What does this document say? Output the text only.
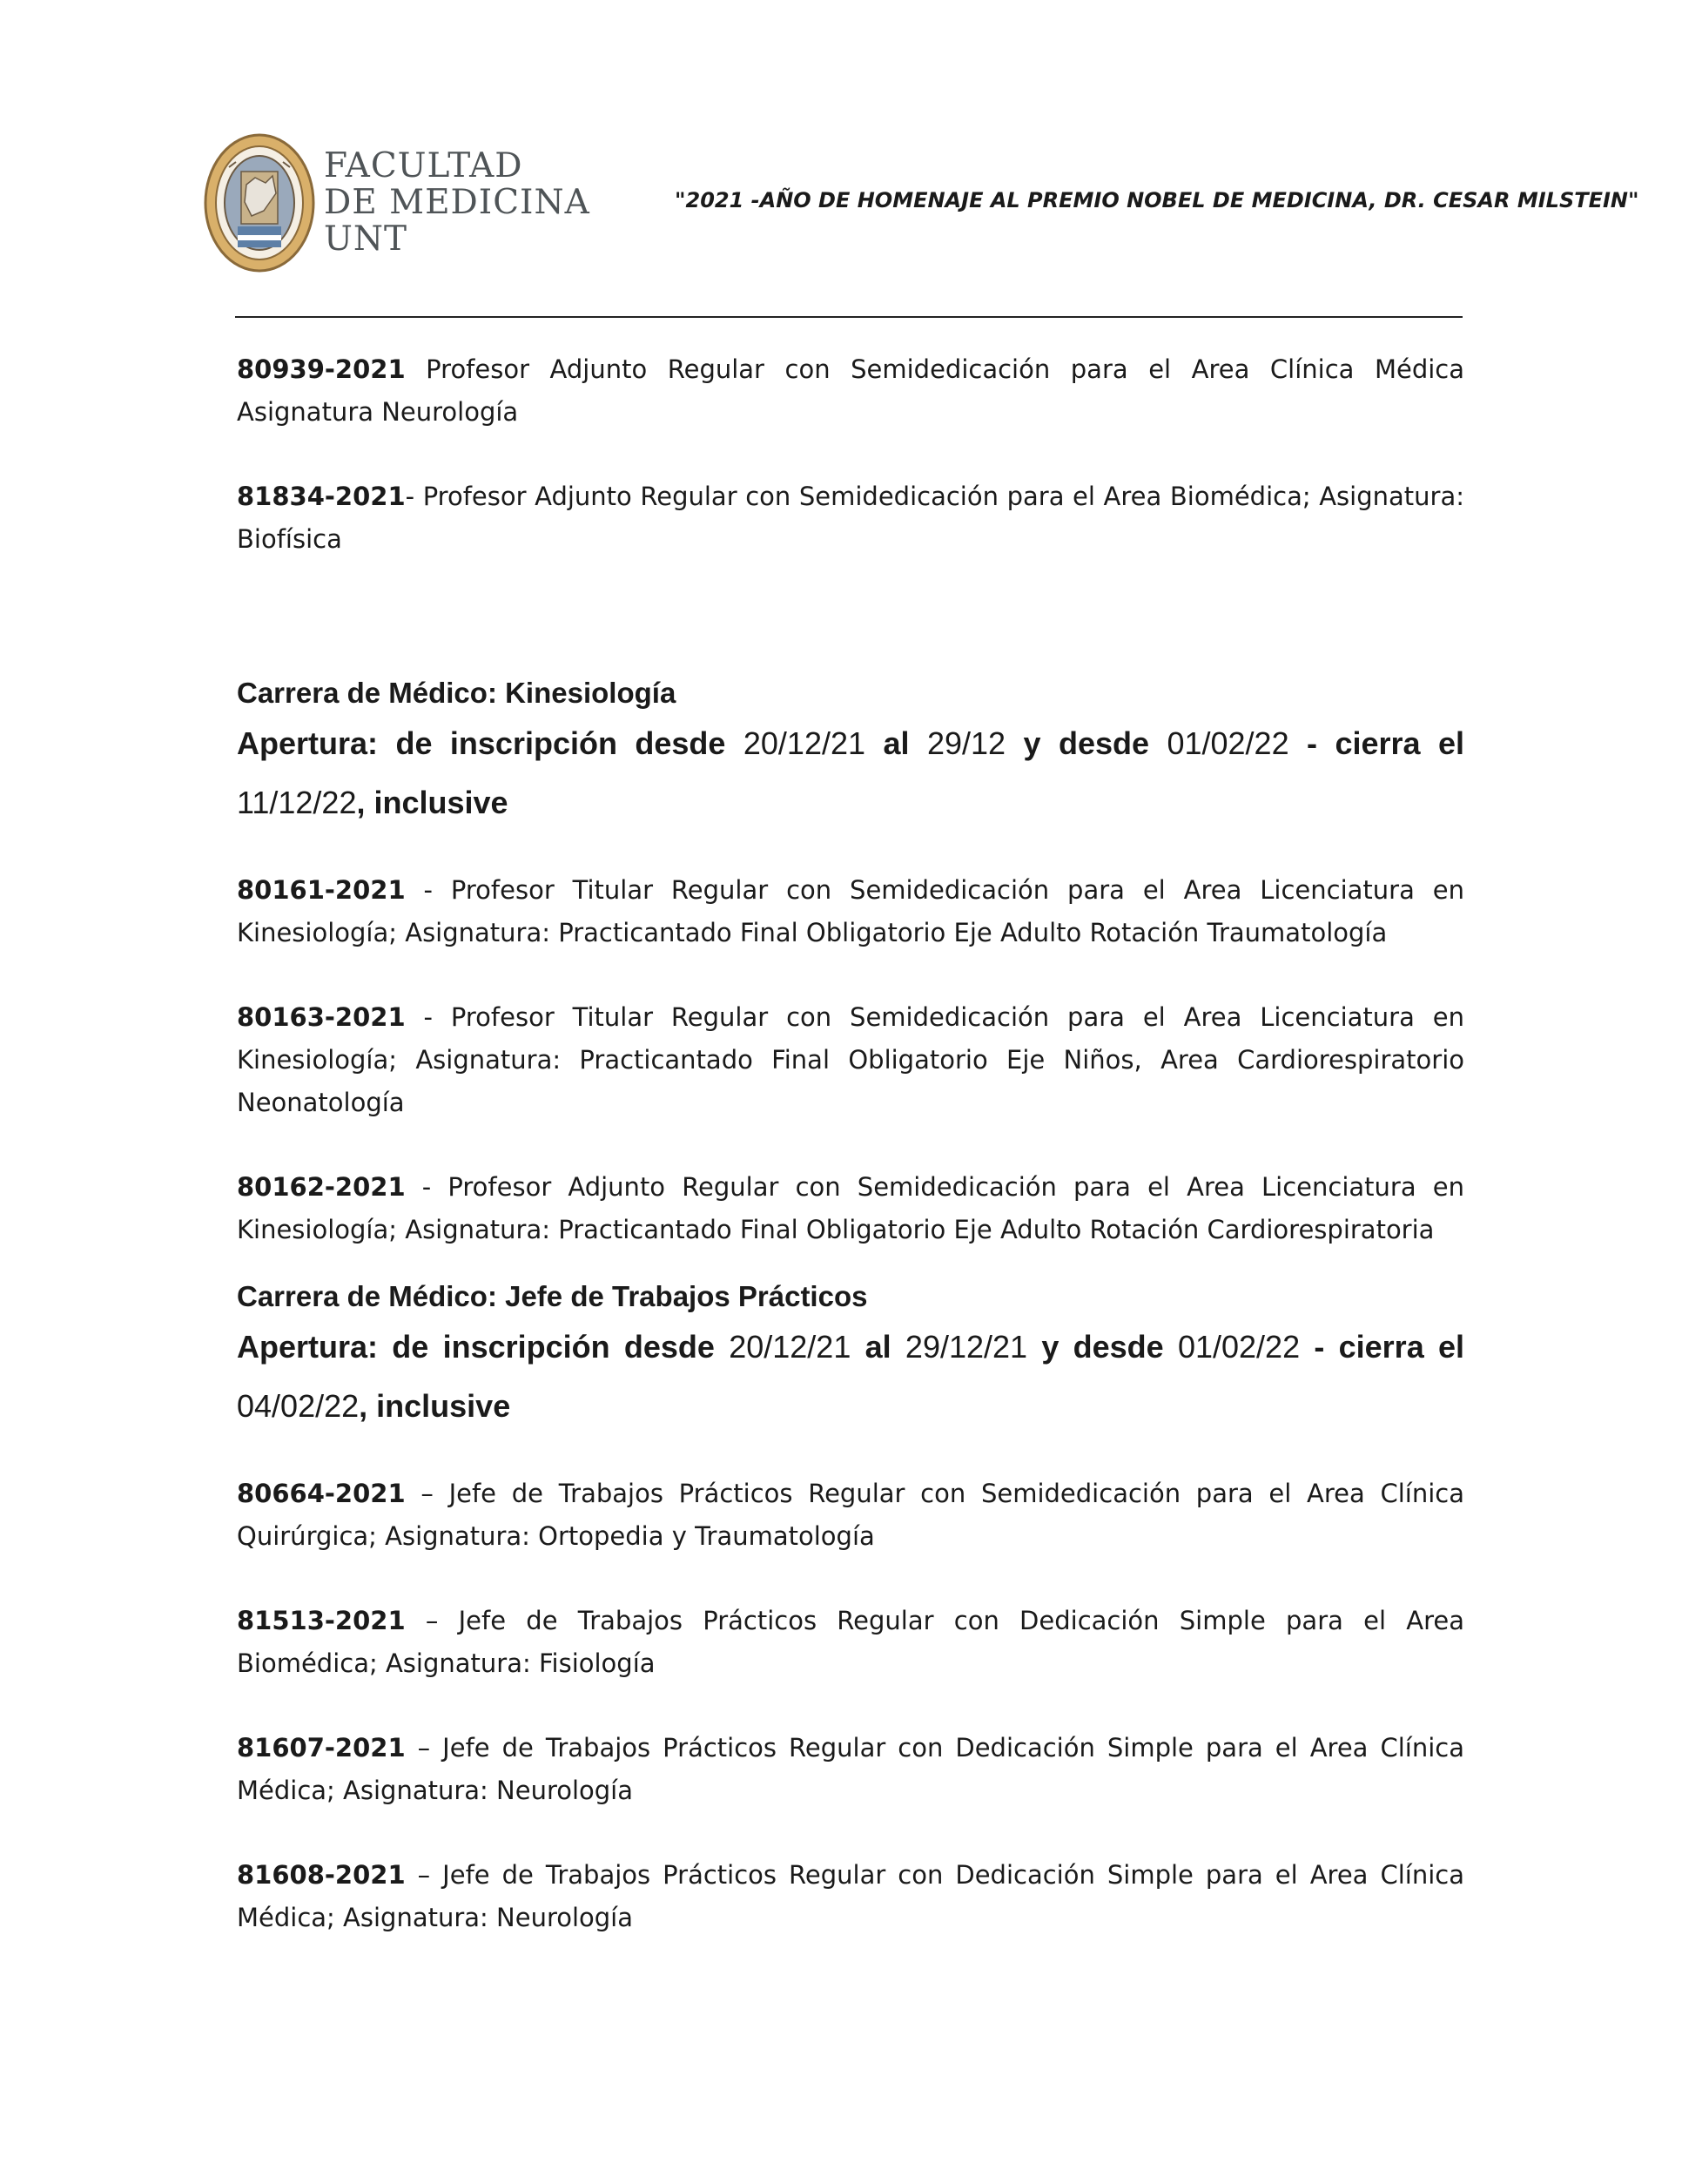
FACULTAD
DE MEDICINA
UNT
"2021 -AÑO DE HOMENAJE AL PREMIO NOBEL DE MEDICINA, DR. CESAR MILSTEIN"

80939-2021 Profesor Adjunto Regular con Semidedicación para el Area Clínica Médica Asignatura Neurología

81834-2021- Profesor Adjunto Regular con Semidedicación para el Area Biomédica; Asignatura: Biofísica

Carrera de Médico: Kinesiología

Apertura: de inscripción desde 20/12/21 al 29/12 y desde 01/02/22 - cierra el 11/12/22, inclusive

80161-2021 - Profesor Titular Regular con Semidedicación para el Area Licenciatura en Kinesiología; Asignatura: Practicantado Final Obligatorio Eje Adulto Rotación Traumatología

80163-2021 - Profesor Titular Regular con Semidedicación para el Area Licenciatura en Kinesiología; Asignatura: Practicantado Final Obligatorio Eje Niños, Area Cardiorespiratorio Neonatología

80162-2021 - Profesor Adjunto Regular con Semidedicación para el Area Licenciatura en Kinesiología; Asignatura: Practicantado Final Obligatorio Eje Adulto Rotación Cardiorespiratoria

Carrera de Médico: Jefe de Trabajos Prácticos

Apertura: de inscripción desde 20/12/21 al 29/12/21 y desde 01/02/22 - cierra el 04/02/22, inclusive

80664-2021 – Jefe de Trabajos Prácticos Regular con Semidedicación para el Area Clínica Quirúrgica; Asignatura: Ortopedia y Traumatología

81513-2021 – Jefe de Trabajos Prácticos Regular con Dedicación Simple para el Area Biomédica; Asignatura: Fisiología

81607-2021 – Jefe de Trabajos Prácticos Regular con Dedicación Simple para el Area Clínica Médica; Asignatura: Neurología

81608-2021 – Jefe de Trabajos Prácticos Regular con Dedicación Simple para el Area Clínica Médica; Asignatura: Neurología
